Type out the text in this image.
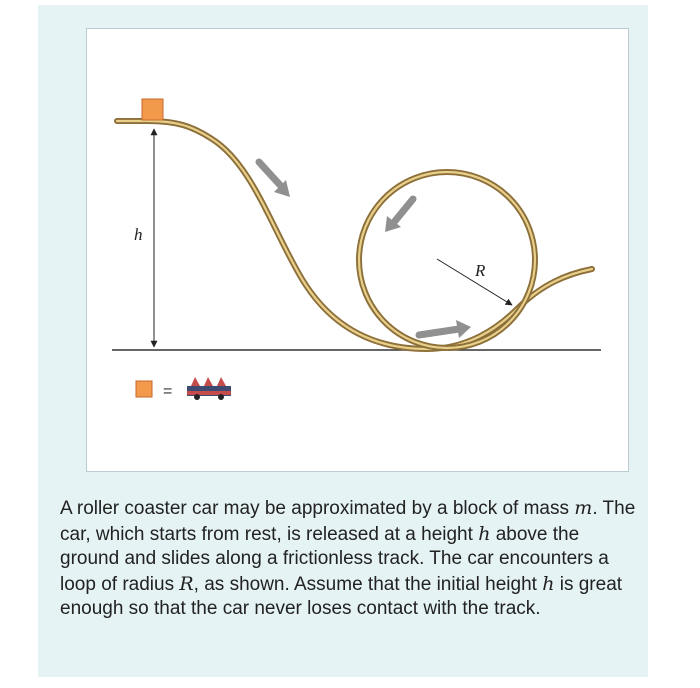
h
R
=

A roller coaster car may be approximated by a block of mass m. The car, which starts from rest, is released at a height h above the ground and slides along a frictionless track. The car encounters a loop of radius R, as shown. Assume that the initial height h is great enough so that the car never loses contact with the track.
